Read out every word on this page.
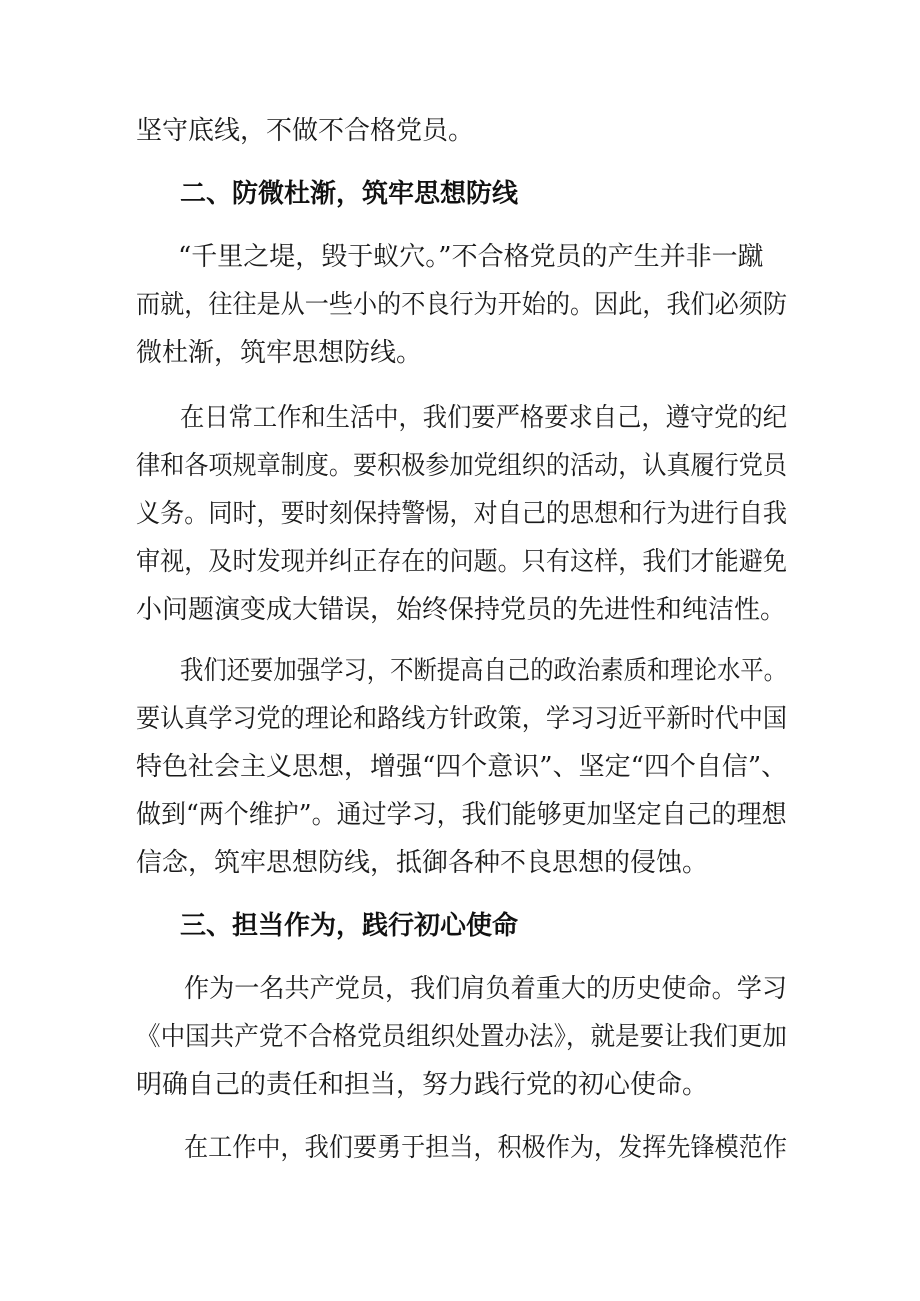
坚守底线，不做不合格党员。

二、防微杜渐，筑牢思想防线

“千里之堤，毁于蚁穴。”不合格党员的产生并非一蹴

而就，往往是从一些小的不良行为开始的。因此，我们必须防

微杜渐，筑牢思想防线。

在日常工作和生活中，我们要严格要求自己，遵守党的纪

律和各项规章制度。要积极参加党组织的活动，认真履行党员

义务。同时，要时刻保持警惕，对自己的思想和行为进行自我

审视，及时发现并纠正存在的问题。只有这样，我们才能避免

小问题演变成大错误，始终保持党员的先进性和纯洁性。

我们还要加强学习，不断提高自己的政治素质和理论水平。

要认真学习党的理论和路线方针政策，学习习近平新时代中国

特色社会主义思想，增强“四个意识”、坚定“四个自信”、

做到“两个维护”。通过学习，我们能够更加坚定自己的理想

信念，筑牢思想防线，抵御各种不良思想的侵蚀。

三、担当作为，践行初心使命

作为一名共产党员，我们肩负着重大的历史使命。学习

《中国共产党不合格党员组织处置办法》，就是要让我们更加

明确自己的责任和担当，努力践行党的初心使命。

在工作中，我们要勇于担当，积极作为，发挥先锋模范作
